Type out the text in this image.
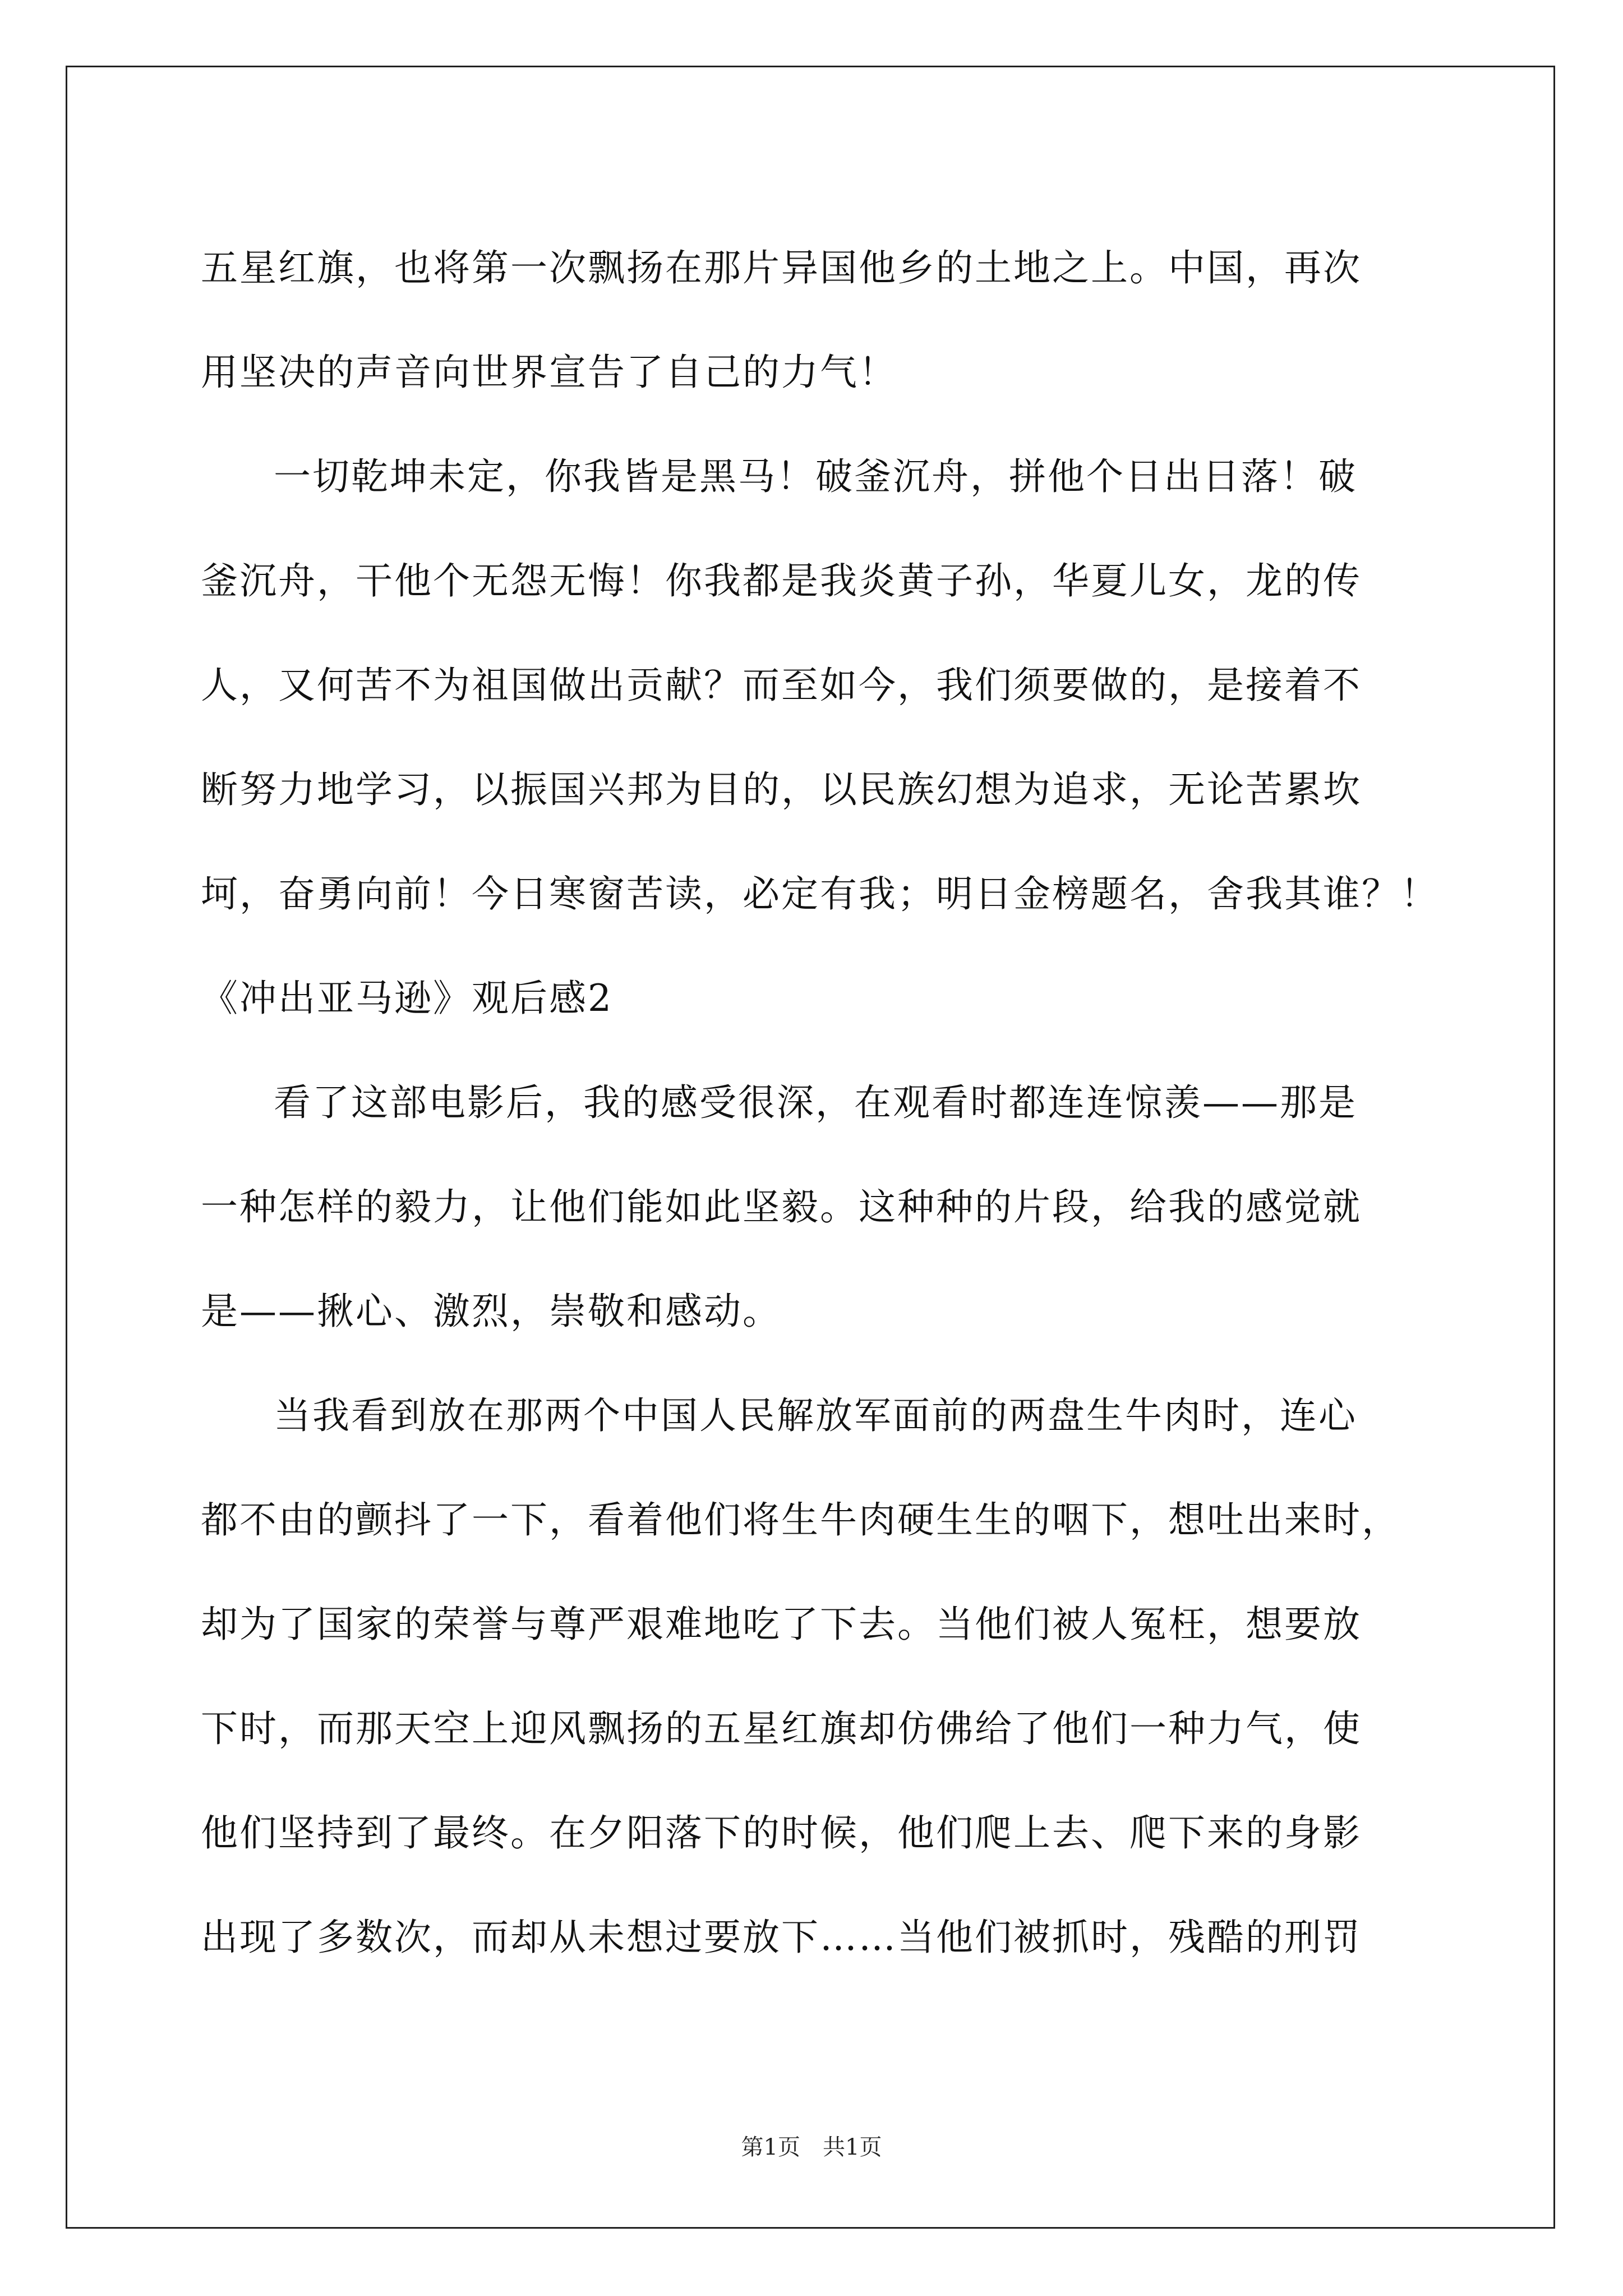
五星红旗，也将第一次飘扬在那片异国他乡的土地之上。中国，再次
用坚决的声音向世界宣告了自己的力气！
一切乾坤未定，你我皆是黑马！破釜沉舟，拼他个日出日落！破
釜沉舟，干他个无怨无悔！你我都是我炎黄子孙，华夏儿女，龙的传
人，又何苦不为祖国做出贡献？而至如今，我们须要做的，是接着不
断努力地学习，以振国兴邦为目的，以民族幻想为追求，无论苦累坎
坷，奋勇向前！今日寒窗苦读，必定有我；明日金榜题名，舍我其谁？！
《冲出亚马逊》观后感2
看了这部电影后，我的感受很深，在观看时都连连惊羡——那是
一种怎样的毅力，让他们能如此坚毅。这种种的片段，给我的感觉就
是——揪心、激烈，崇敬和感动。
当我看到放在那两个中国人民解放军面前的两盘生牛肉时，连心
都不由的颤抖了一下，看着他们将生牛肉硬生生的咽下，想吐出来时，
却为了国家的荣誉与尊严艰难地吃了下去。当他们被人冤枉，想要放
下时，而那天空上迎风飘扬的五星红旗却仿佛给了他们一种力气，使
他们坚持到了最终。在夕阳落下的时候，他们爬上去、爬下来的身影
出现了多数次，而却从未想过要放下……当他们被抓时，残酷的刑罚
第1页　共1页
